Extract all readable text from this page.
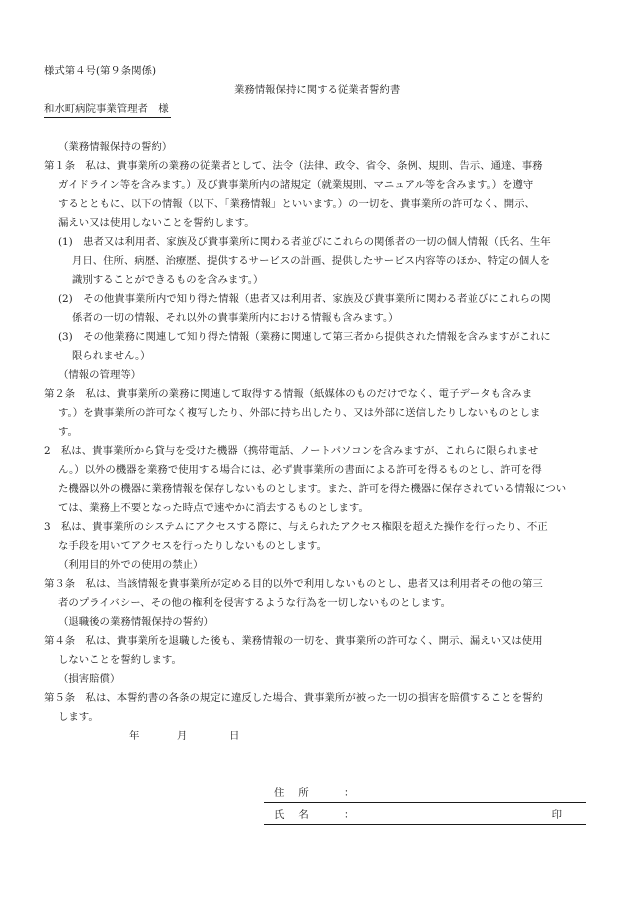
様式第４号(第９条関係)
業務情報保持に関する従業者誓約書
和水町病院事業管理者　様
（業務情報保持の誓約）
第１条　私は、貴事業所の業務の従業者として、法令（法律、政令、省令、条例、規則、告示、通達、事務
ガイドライン等を含みます。）及び貴事業所内の諸規定（就業規則、マニュアル等を含みます。）を遵守
するとともに、以下の情報（以下、「業務情報」といいます。）の一切を、貴事業所の許可なく、開示、
漏えい又は使用しないことを誓約します。
(1)　患者又は利用者、家族及び貴事業所に関わる者並びにこれらの関係者の一切の個人情報（氏名、生年
月日、住所、病歴、治療歴、提供するサービスの計画、提供したサービス内容等のほか、特定の個人を
識別することができるものを含みます。）
(2)　その他貴事業所内で知り得た情報（患者又は利用者、家族及び貴事業所に関わる者並びにこれらの関
係者の一切の情報、それ以外の貴事業所内における情報も含みます。）
(3)　その他業務に関連して知り得た情報（業務に関連して第三者から提供された情報を含みますがこれに
限られません。）
（情報の管理等）
第２条　私は、貴事業所の業務に関連して取得する情報（紙媒体のものだけでなく、電子データも含みま
す。）を貴事業所の許可なく複写したり、外部に持ち出したり、又は外部に送信したりしないものとしま
す。
2　私は、貴事業所から貸与を受けた機器（携帯電話、ノートパソコンを含みますが、これらに限られませ
ん。）以外の機器を業務で使用する場合には、必ず貴事業所の書面による許可を得るものとし、許可を得
た機器以外の機器に業務情報を保存しないものとします。また、許可を得た機器に保存されている情報につい
ては、業務上不要となった時点で速やかに消去するものとします。
3　私は、貴事業所のシステムにアクセスする際に、与えられたアクセス権限を超えた操作を行ったり、不正
な手段を用いてアクセスを行ったりしないものとします。
（利用目的外での使用の禁止）
第３条　私は、当該情報を貴事業所が定める目的以外で利用しないものとし、患者又は利用者その他の第三
者のプライバシー、その他の権利を侵害するような行為を一切しないものとします。
（退職後の業務情報保持の誓約）
第４条　私は、貴事業所を退職した後も、業務情報の一切を、貴事業所の許可なく、開示、漏えい又は使用
しないことを誓約します。
（損害賠償）
第５条　私は、本誓約書の各条の規定に違反した場合、貴事業所が被った一切の損害を賠償することを誓約
します。
年	月	日
住所 ：
氏名 ：	印
